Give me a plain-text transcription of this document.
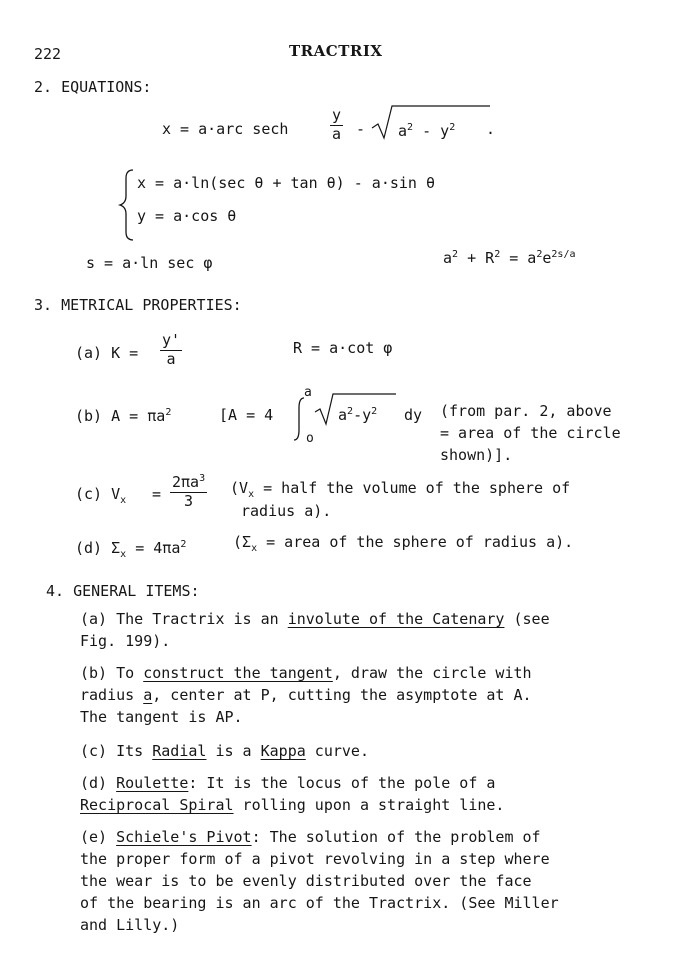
222	TRACTRIX
2. EQUATIONS:
x = a·arc sech	$\frac{y}{a} - a^2 - y^2$ .
x = a·ln(sec θ + tan θ) - a·sin θ
y = a·cos θ
s = a·ln sec φ	$a^2 + R^2 = a^2e^{2s/a}$
3. METRICAL PROPERTIES:
(a) $K = \frac{y'}{a}$	R = a·cot φ
(b) $A = \pi a^2$	[A = 4
a
o
$a^2-y^2$ dy (from par. 2, above
= area of the circle
shown)].
(c) $V_x = \frac{2\pi a^3}{3} (V_x$ = half the volume of the sphere of
radius a).
(d) $\Sigma_x = 4\pi a^2$	($\Sigma_x$ = area of the sphere of radius a).
4. GENERAL ITEMS:
(a) The Tractrix is an involute of the Catenary (see
Fig. 199).
(b) To construct the tangent, draw the circle with
radius a, center at P, cutting the asymptote at A.
The tangent is AP.
(c) Its Radial is a Kappa curve.
(d) Roulette: It is the locus of the pole of a
Reciprocal Spiral rolling upon a straight line.
(e) Schiele's Pivot: The solution of the problem of
the proper form of a pivot revolving in a step where
the wear is to be evenly distributed over the face
of the bearing is an arc of the Tractrix. (See Miller
and Lilly.)
